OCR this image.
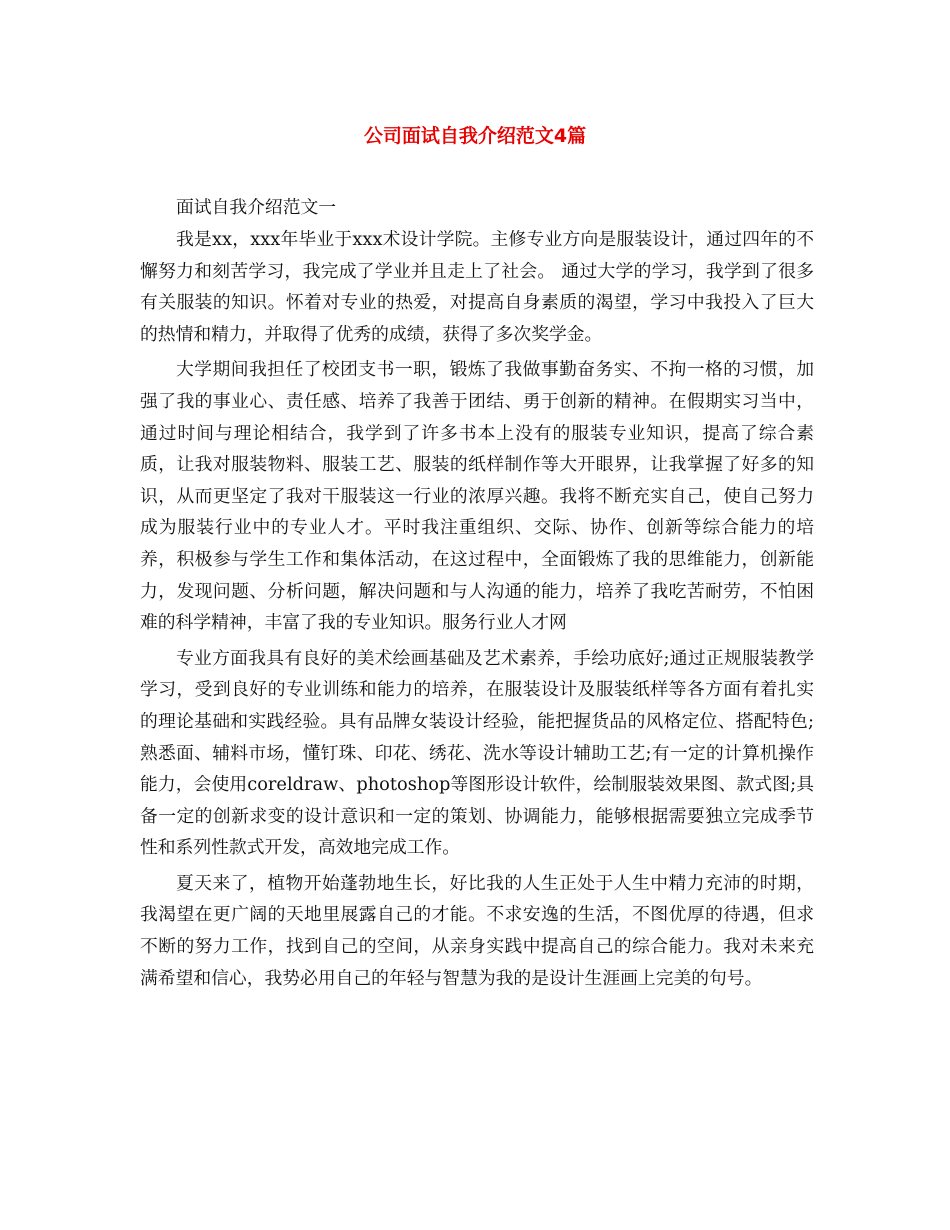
公司面试自我介绍范文4篇

面试自我介绍范文一

我是xx，xxx年毕业于xxx术设计学院。主修专业方向是服装设计，通过四年的不懈努力和刻苦学习，我完成了学业并且走上了社会。 通过大学的学习，我学到了很多有关服装的知识。怀着对专业的热爱，对提高自身素质的渴望，学习中我投入了巨大的热情和精力，并取得了优秀的成绩，获得了多次奖学金。

大学期间我担任了校团支书一职，锻炼了我做事勤奋务实、不拘一格的习惯，加强了我的事业心、责任感、培养了我善于团结、勇于创新的精神。在假期实习当中，通过时间与理论相结合，我学到了许多书本上没有的服装专业知识，提高了综合素质，让我对服装物料、服装工艺、服装的纸样制作等大开眼界，让我掌握了好多的知识，从而更坚定了我对干服装这一行业的浓厚兴趣。我将不断充实自己，使自己努力成为服装行业中的专业人才。平时我注重组织、交际、协作、创新等综合能力的培养，积极参与学生工作和集体活动，在这过程中，全面锻炼了我的思维能力，创新能力，发现问题、分析问题，解决问题和与人沟通的能力，培养了我吃苦耐劳，不怕困难的科学精神，丰富了我的专业知识。服务行业人才网

专业方面我具有良好的美术绘画基础及艺术素养，手绘功底好;通过正规服装教学学习，受到良好的专业训练和能力的培养，在服装设计及服装纸样等各方面有着扎实的理论基础和实践经验。具有品牌女装设计经验，能把握货品的风格定位、搭配特色;熟悉面、辅料市场，懂钉珠、印花、绣花、洗水等设计辅助工艺;有一定的计算机操作能力，会使用coreldraw、photoshop等图形设计软件，绘制服装效果图、款式图;具备一定的创新求变的设计意识和一定的策划、协调能力，能够根据需要独立完成季节性和系列性款式开发，高效地完成工作。

夏天来了，植物开始蓬勃地生长，好比我的人生正处于人生中精力充沛的时期，我渴望在更广阔的天地里展露自己的才能。不求安逸的生活，不图优厚的待遇，但求不断的努力工作，找到自己的空间，从亲身实践中提高自己的综合能力。我对未来充满希望和信心，我势必用自己的年轻与智慧为我的是设计生涯画上完美的句号。
